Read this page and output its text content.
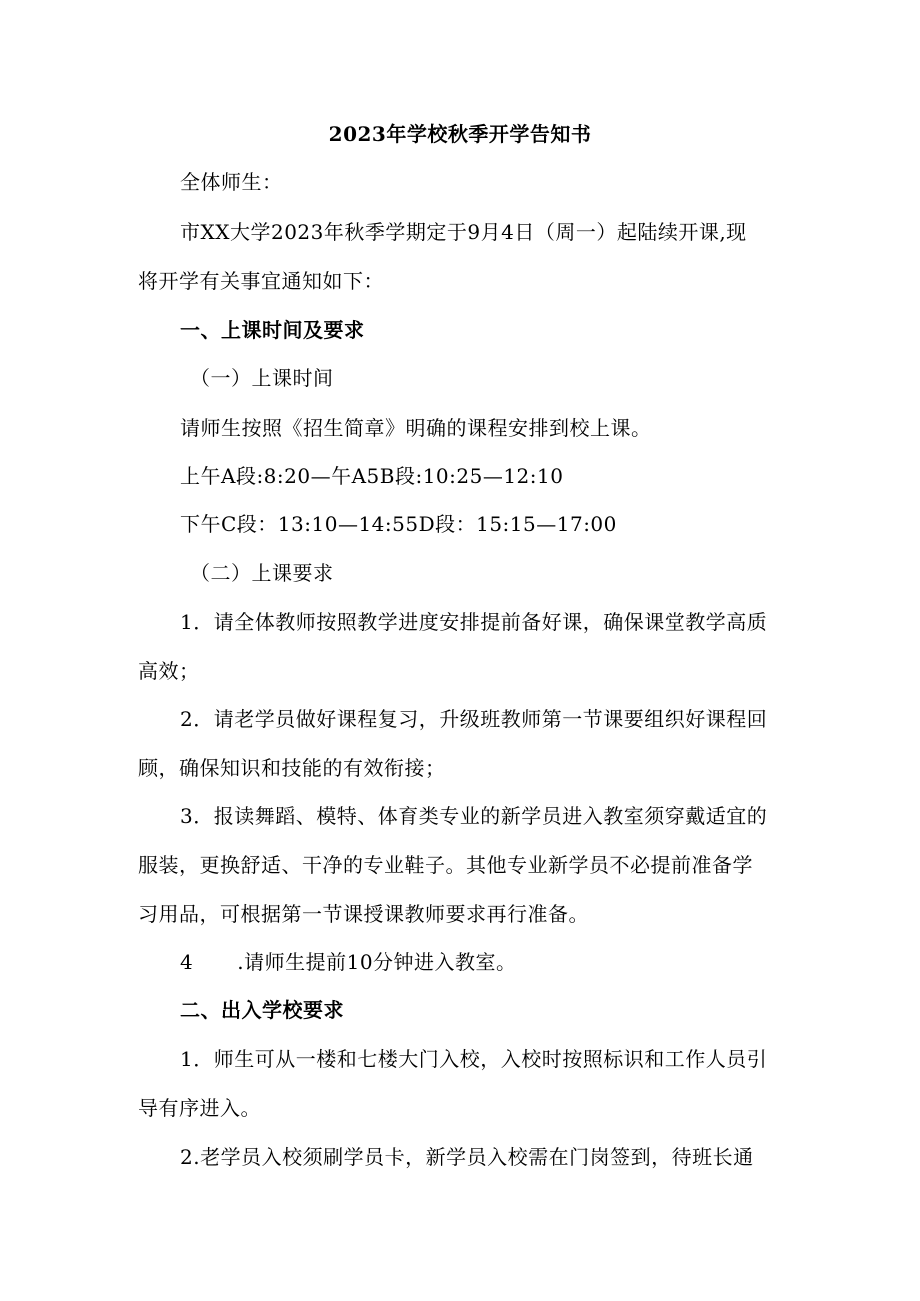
2023年学校秋季开学告知书
全体师生：
市XX大学2023年秋季学期定于9月4日（周一）起陆续开课,现
将开学有关事宜通知如下：
一、上课时间及要求
（一）上课时间
请师生按照《招生简章》明确的课程安排到校上课。
上午A段:8:20—午A5B段:10:25—12:10
下午C段：13:10—14:55D段：15:15—17:00
（二）上课要求
1．请全体教师按照教学进度安排提前备好课，确保课堂教学高质
高效；
2．请老学员做好课程复习，升级班教师第一节课要组织好课程回
顾，确保知识和技能的有效衔接；
3．报读舞蹈、模特、体育类专业的新学员进入教室须穿戴适宜的
服装，更换舒适、干净的专业鞋子。其他专业新学员不必提前准备学
习用品，可根据第一节课授课教师要求再行准备。
4 .请师生提前10分钟进入教室。
二、出入学校要求
1．师生可从一楼和七楼大门入校，入校时按照标识和工作人员引
导有序进入。
2.老学员入校须刷学员卡，新学员入校需在门岗签到，待班长通
